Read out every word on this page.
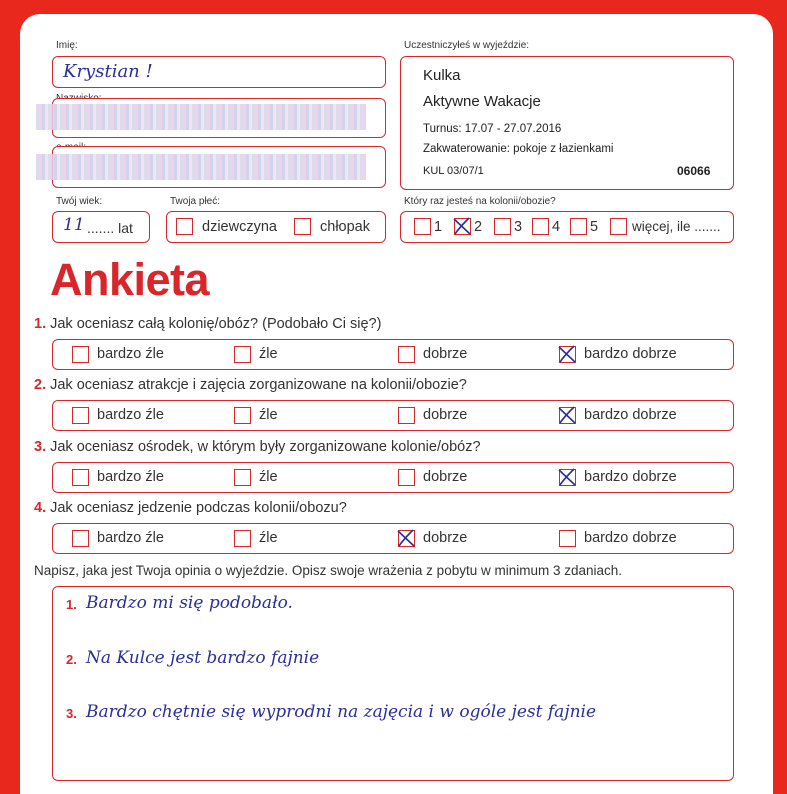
Imię:
Krystian !
Twój wiek:
11 ....... lat
Twoja płeć:
dziewczyna	chłopak
Uczestniczyłeś w wyjeździe:
Kulka
Aktywne Wakacje
Turnus: 17.07 - 27.07.2016
Zakwaterowanie: pokoje z łazienkami
KUL 03/07/1	06066
Który raz jesteś na kolonii/obozie?
1 2 3 4 5	więcej, ile .......
Ankieta
1. Jak oceniasz całą kolonię/obóz? (Podobało Ci się?)
bardzo źle	źle	dobrze	bardzo dobrze
2. Jak oceniasz atrakcje i zajęcia zorganizowane na kolonii/obozie?
bardzo źle	źle	dobrze	bardzo dobrze
3. Jak oceniasz ośrodek, w którym były zorganizowane kolonie/obóz?
bardzo źle	źle	dobrze	bardzo dobrze
4. Jak oceniasz jedzenie podczas kolonii/obozu?
bardzo źle	źle	dobrze	bardzo dobrze
Napisz, jaka jest Twoja opinia o wyjeździe. Opisz swoje wrażenia z pobytu w minimum 3 zdaniach.
1. Bardzo mi się podobało.
2. Na Kulce jest bardzo fajnie
3. Bardzo chętnie się wyprodni na zajęcia i w ogóle jest fajnie
